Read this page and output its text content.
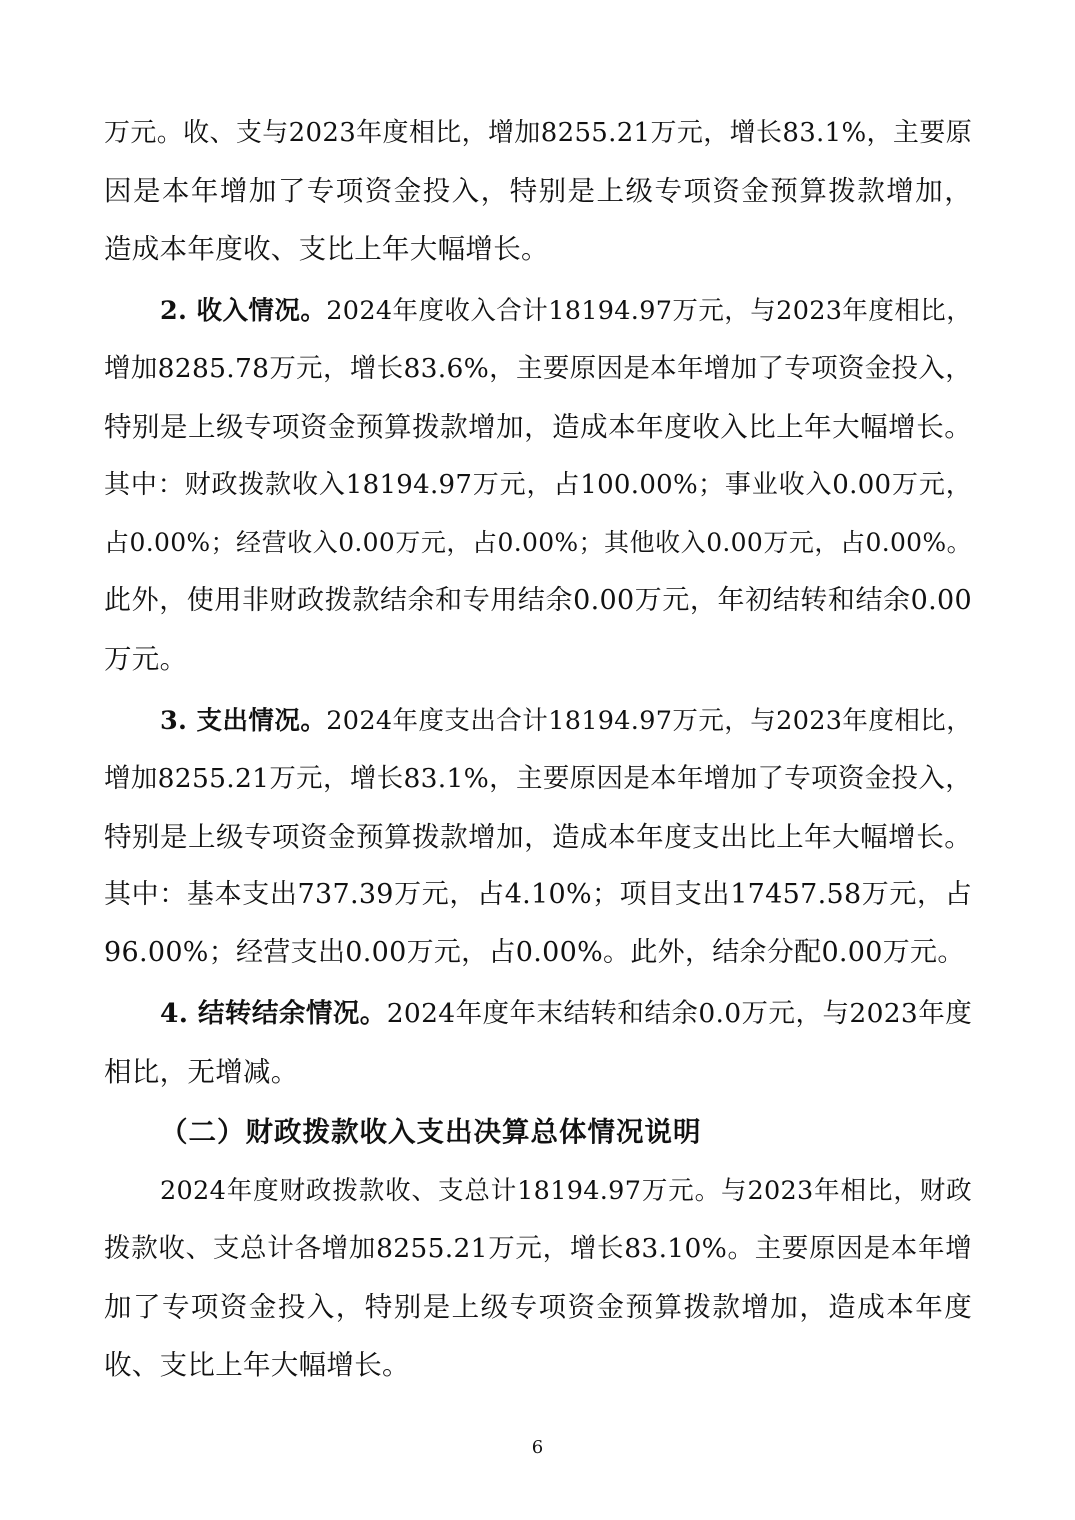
万元。收、支与2023年度相比，增加8255.21万元，增长83.1%，主要原
因是本年增加了专项资金投入，特别是上级专项资金预算拨款增加，
造成本年度收、支比上年大幅增长。
2. 收入情况。2024年度收入合计18194.97万元，与2023年度相比，
增加8285.78万元，增长83.6%，主要原因是本年增加了专项资金投入，
特别是上级专项资金预算拨款增加，造成本年度收入比上年大幅增长。
其中：财政拨款收入18194.97万元，占100.00%；事业收入0.00万元，
占0.00%；经营收入0.00万元，占0.00%；其他收入0.00万元，占0.00%。
此外，使用非财政拨款结余和专用结余0.00万元，年初结转和结余0.00
万元。
3. 支出情况。2024年度支出合计18194.97万元，与2023年度相比，
增加8255.21万元，增长83.1%，主要原因是本年增加了专项资金投入，
特别是上级专项资金预算拨款增加，造成本年度支出比上年大幅增长。
其中：基本支出737.39万元，占4.10%；项目支出17457.58万元，占
96.00%；经营支出0.00万元，占0.00%。此外，结余分配0.00万元。
4. 结转结余情况。2024年度年末结转和结余0.0万元，与2023年度
相比，无增减。
（二）财政拨款收入支出决算总体情况说明
2024年度财政拨款收、支总计18194.97万元。与2023年相比，财政
拨款收、支总计各增加8255.21万元，增长83.10%。主要原因是本年增
加了专项资金投入，特别是上级专项资金预算拨款增加，造成本年度
收、支比上年大幅增长。
6
